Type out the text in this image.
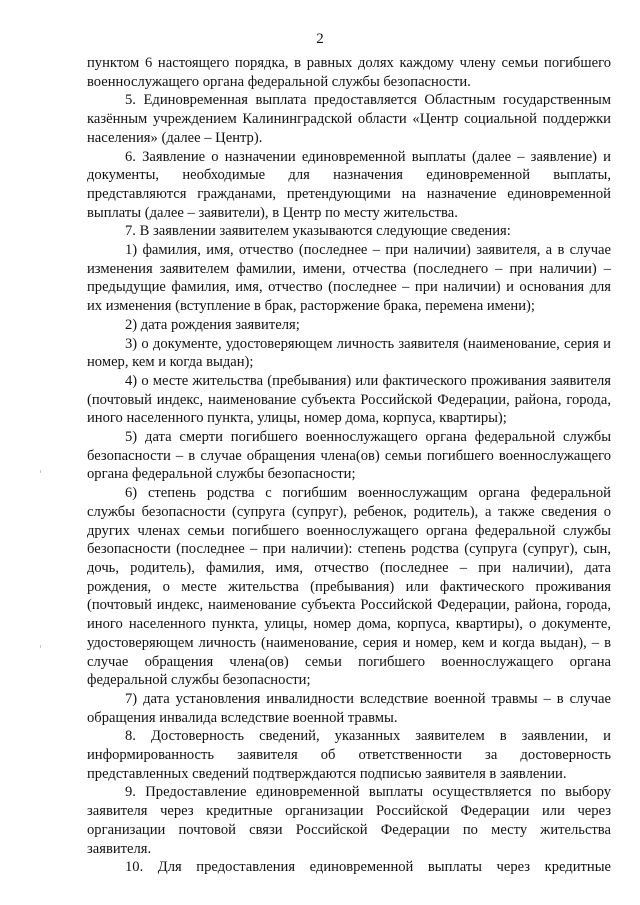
2

пунктом 6 настоящего порядка, в равных долях каждому члену семьи погибшего военнослужащего органа федеральной службы безопасности.

5. Единовременная выплата предоставляется Областным государственным казённым учреждением Калининградской области «Центр социальной поддержки населения» (далее – Центр).

6. Заявление о назначении единовременной выплаты (далее – заявление) и документы, необходимые для назначения единовременной выплаты, представляются гражданами, претендующими на назначение единовременной выплаты (далее – заявители), в Центр по месту жительства.

7. В заявлении заявителем указываются следующие сведения:

1) фамилия, имя, отчество (последнее – при наличии) заявителя, а в случае изменения заявителем фамилии, имени, отчества (последнего – при наличии) – предыдущие фамилия, имя, отчество (последнее – при наличии) и основания для их изменения (вступление в брак, расторжение брака, перемена имени);

2) дата рождения заявителя;

3) о документе, удостоверяющем личность заявителя (наименование, серия и номер, кем и когда выдан);

4) о месте жительства (пребывания) или фактического проживания заявителя (почтовый индекс, наименование субъекта Российской Федерации, района, города, иного населенного пункта, улицы, номер дома, корпуса, квартиры);

5) дата смерти погибшего военнослужащего органа федеральной службы безопасности – в случае обращения члена(ов) семьи погибшего военнослужащего органа федеральной службы безопасности;

6) степень родства с погибшим военнослужащим органа федеральной службы безопасности (супруга (супруг), ребенок, родитель), а также сведения о других членах семьи погибшего военнослужащего органа федеральной службы безопасности (последнее – при наличии): степень родства (супруга (супруг), сын, дочь, родитель), фамилия, имя, отчество (последнее – при наличии), дата рождения, о месте жительства (пребывания) или фактического проживания (почтовый индекс, наименование субъекта Российской Федерации, района, города, иного населенного пункта, улицы, номер дома, корпуса, квартиры), о документе, удостоверяющем личность (наименование, серия и номер, кем и когда выдан), – в случае обращения члена(ов) семьи погибшего военнослужащего органа федеральной службы безопасности;

7) дата установления инвалидности вследствие военной травмы – в случае обращения инвалида вследствие военной травмы.

8. Достоверность сведений, указанных заявителем в заявлении, и информированность заявителя об ответственности за достоверность представленных сведений подтверждаются подписью заявителя в заявлении.

9. Предоставление единовременной выплаты осуществляется по выбору заявителя через кредитные организации Российской Федерации или через организации почтовой связи Российской Федерации по месту жительства заявителя.

10. Для предоставления единовременной выплаты через кредитные
